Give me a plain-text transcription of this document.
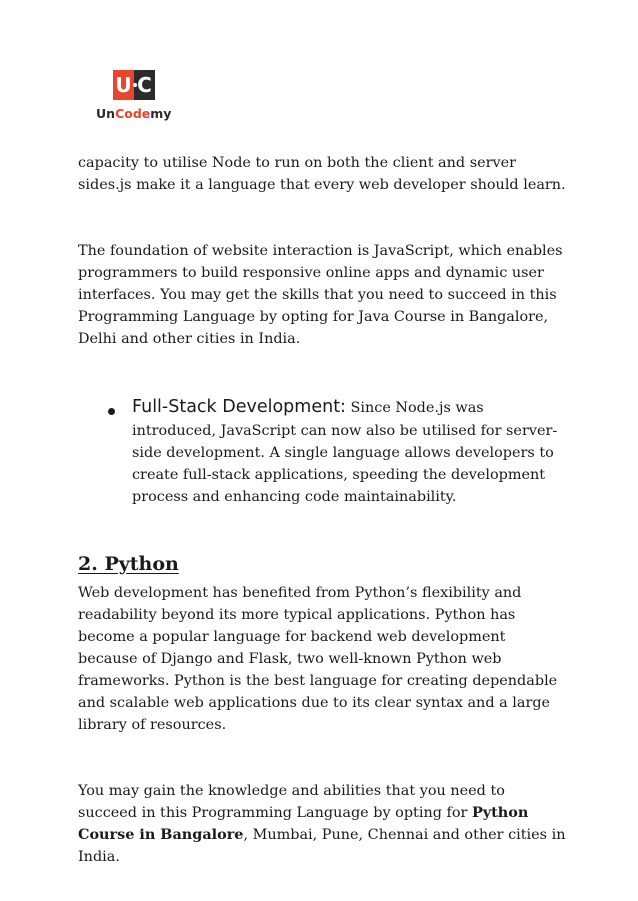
U C
UnCodemy

capacity to utilise Node to run on both the client and server sides.js make it a language that every web developer should learn.

The foundation of website interaction is JavaScript, which enables programmers to build responsive online apps and dynamic user interfaces. You may get the skills that you need to succeed in this Programming Language by opting for Java Course in Bangalore, Delhi and other cities in India.

Full-Stack Development: Since Node.js was introduced, JavaScript can now also be utilised for server-side development. A single language allows developers to create full-stack applications, speeding the development process and enhancing code maintainability.
2. Python

Web development has benefited from Python’s flexibility and readability beyond its more typical applications. Python has become a popular language for backend web development because of Django and Flask, two well-known Python web frameworks. Python is the best language for creating dependable and scalable web applications due to its clear syntax and a large library of resources.

You may gain the knowledge and abilities that you need to succeed in this Programming Language by opting for Python Course in Bangalore, Mumbai, Pune, Chennai and other cities in India.
